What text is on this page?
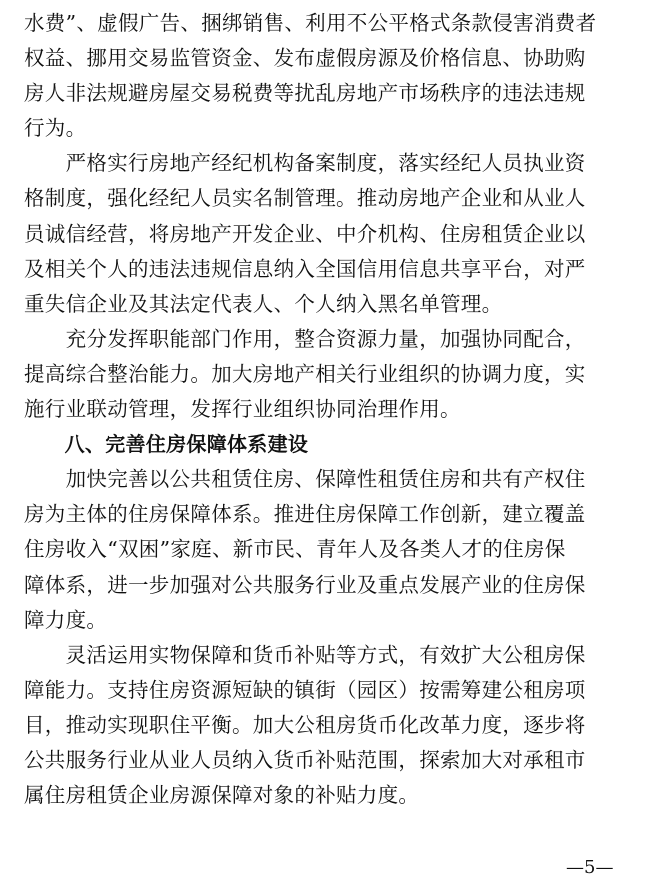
水费”、虚假广告、捆绑销售、利用不公平格式条款侵害消费者
权益、挪用交易监管资金、发布虚假房源及价格信息、协助购
房人非法规避房屋交易税费等扰乱房地产市场秩序的违法违规
行为。
　　严格实行房地产经纪机构备案制度，落实经纪人员执业资
格制度，强化经纪人员实名制管理。推动房地产企业和从业人
员诚信经营，将房地产开发企业、中介机构、住房租赁企业以
及相关个人的违法违规信息纳入全国信用信息共享平台，对严
重失信企业及其法定代表人、个人纳入黑名单管理。
　　充分发挥职能部门作用，整合资源力量，加强协同配合，
提高综合整治能力。加大房地产相关行业组织的协调力度，实
施行业联动管理，发挥行业组织协同治理作用。
　　八、完善住房保障体系建设
　　加快完善以公共租赁住房、保障性租赁住房和共有产权住
房为主体的住房保障体系。推进住房保障工作创新，建立覆盖
住房收入“双困”家庭、新市民、青年人及各类人才的住房保
障体系，进一步加强对公共服务行业及重点发展产业的住房保
障力度。
　　灵活运用实物保障和货币补贴等方式，有效扩大公租房保
障能力。支持住房资源短缺的镇街（园区）按需筹建公租房项
目，推动实现职住平衡。加大公租房货币化改革力度，逐步将
公共服务行业从业人员纳入货币补贴范围，探索加大对承租市
属住房租赁企业房源保障对象的补贴力度。
—5—
